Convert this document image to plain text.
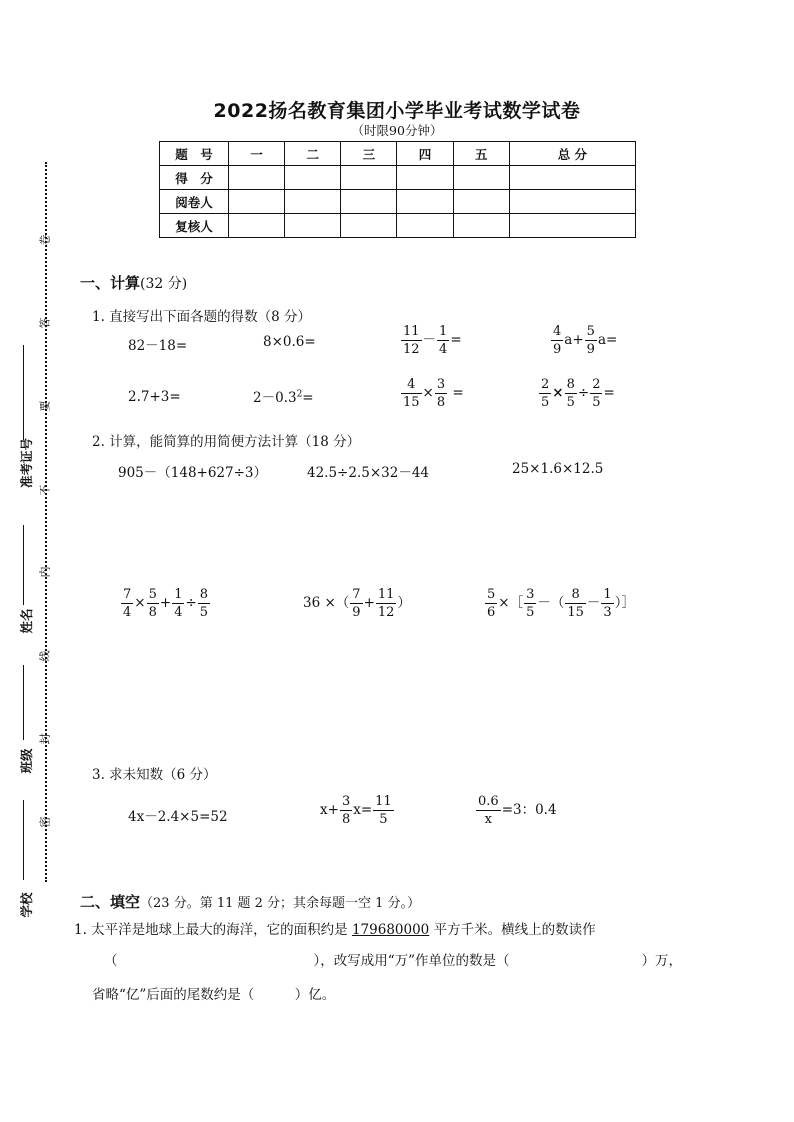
卷
答
要
不
内
线
封
密
准考证号
姓名
班级
学校
2022扬名教育集团小学毕业考试数学试卷
（时限90分钟）
题　号	一	二	三	四	五	总 分
得　分						
阅卷人						
复核人						
一、计算(32 分)
1. 直接写出下面各题的得数（8 分）
82－18=	8×0.6=	$\frac{11}{12} - \frac{1}{4}$ =	$\frac{4}{9} a+ \frac{5}{9} a=$
2.7+3=	$2-0.3^2=$	$\frac{4}{15} \times \frac{3}{8}$ =	$\frac{2}{5} \times \frac{8}{5} \div \frac{2}{5}$ =
2. 计算，能简算的用简便方法计算（18 分）
905－（148+627÷3）	42.5÷2.5×32－44	25×1.6×12.5
$\frac{7}{4} \times \frac{5}{8} + \frac{1}{4} \div \frac{8}{5}$	36 ×（ $\frac{7}{9} + \frac{11}{12}$ ）	$\frac{5}{6}$ ×［ $\frac{3}{5}$ －（ $\frac{8}{15} - \frac{1}{3}$ ）］
3. 求未知数（6 分）
4x－2.4×5=52	$x+ \frac{3}{8} x= \frac{11}{5}$	$\frac{0.6}{x} =3$：0.4
二、填空（23 分。第 11 题 2 分；其余每题一空 1 分。）
1. 太平洋是地球上最大的海洋，它的面积约是 179680000 平方千米。横线上的数读作
（	），改写成用“万”作单位的数是（	）万，
省略“亿”后面的尾数约是（　　　）亿。
